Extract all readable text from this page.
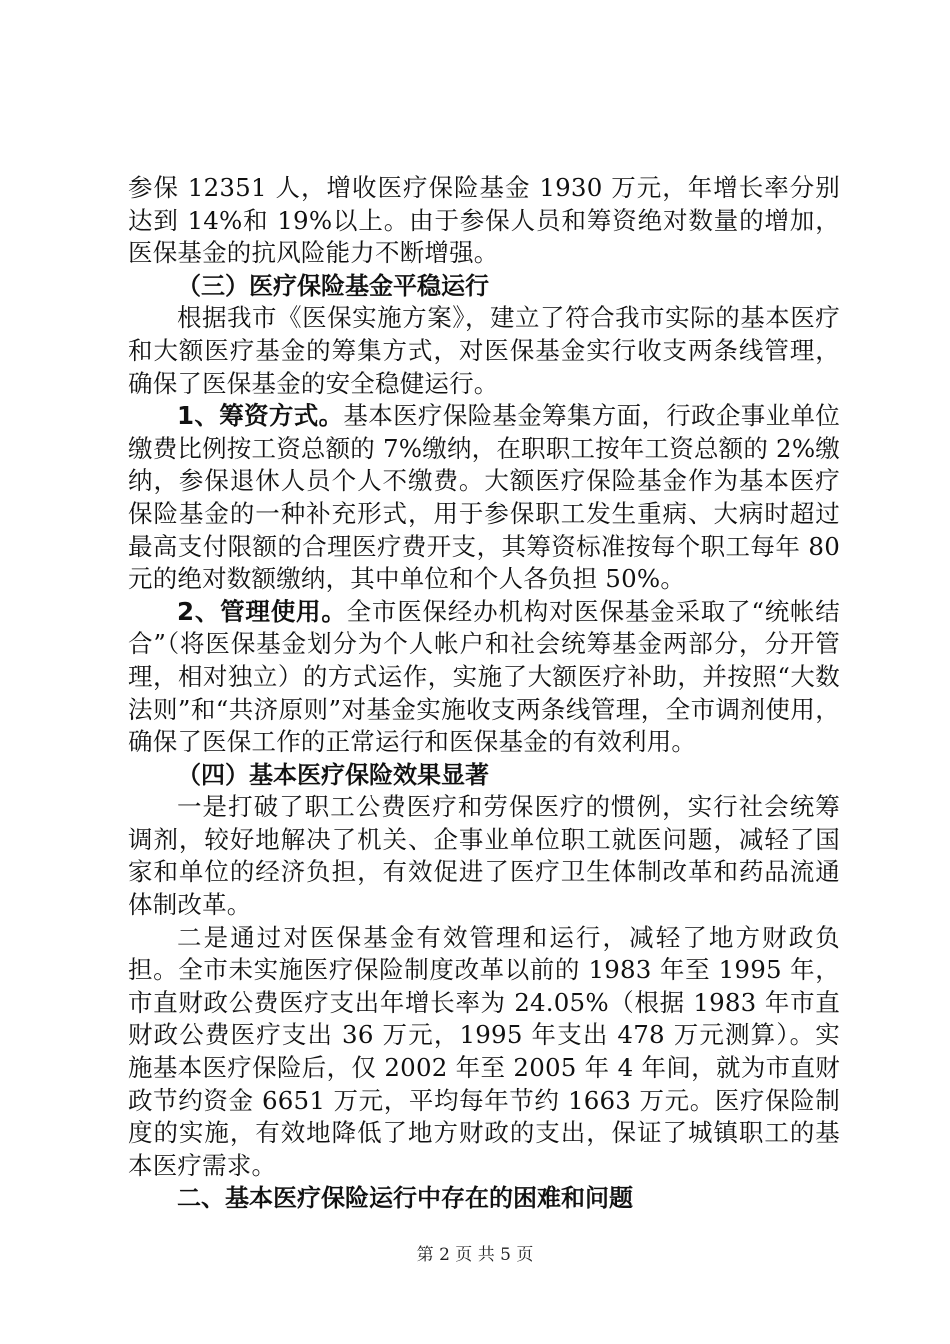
参保 12351 人，增收医疗保险基金 1930 万元，年增长率分别达到 14%和 19%以上。由于参保人员和筹资绝对数量的增加，医保基金的抗风险能力不断增强。

（三）医疗保险基金平稳运行

根据我市《医保实施方案》，建立了符合我市实际的基本医疗和大额医疗基金的筹集方式，对医保基金实行收支两条线管理，确保了医保基金的安全稳健运行。

1、筹资方式。基本医疗保险基金筹集方面，行政企事业单位缴费比例按工资总额的 7%缴纳，在职职工按年工资总额的 2%缴纳，参保退休人员个人不缴费。大额医疗保险基金作为基本医疗保险基金的一种补充形式，用于参保职工发生重病、大病时超过最高支付限额的合理医疗费开支，其筹资标准按每个职工每年 80 元的绝对数额缴纳，其中单位和个人各负担 50%。

2、管理使用。全市医保经办机构对医保基金采取了“统帐结合”（将医保基金划分为个人帐户和社会统筹基金两部分，分开管理，相对独立）的方式运作，实施了大额医疗补助，并按照“大数法则”和“共济原则”对基金实施收支两条线管理，全市调剂使用，确保了医保工作的正常运行和医保基金的有效利用。

（四）基本医疗保险效果显著

一是打破了职工公费医疗和劳保医疗的惯例，实行社会统筹调剂，较好地解决了机关、企事业单位职工就医问题，减轻了国家和单位的经济负担，有效促进了医疗卫生体制改革和药品流通体制改革。

二是通过对医保基金有效管理和运行，减轻了地方财政负担。全市未实施医疗保险制度改革以前的 1983 年至 1995 年，市直财政公费医疗支出年增长率为 24.05%（根据 1983 年市直财政公费医疗支出 36 万元，1995 年支出 478 万元测算）。实施基本医疗保险后，仅 2002 年至 2005 年 4 年间，就为市直财政节约资金 6651 万元，平均每年节约 1663 万元。医疗保险制度的实施，有效地降低了地方财政的支出，保证了城镇职工的基本医疗需求。

二、基本医疗保险运行中存在的困难和问题

第 2 页 共 5 页
